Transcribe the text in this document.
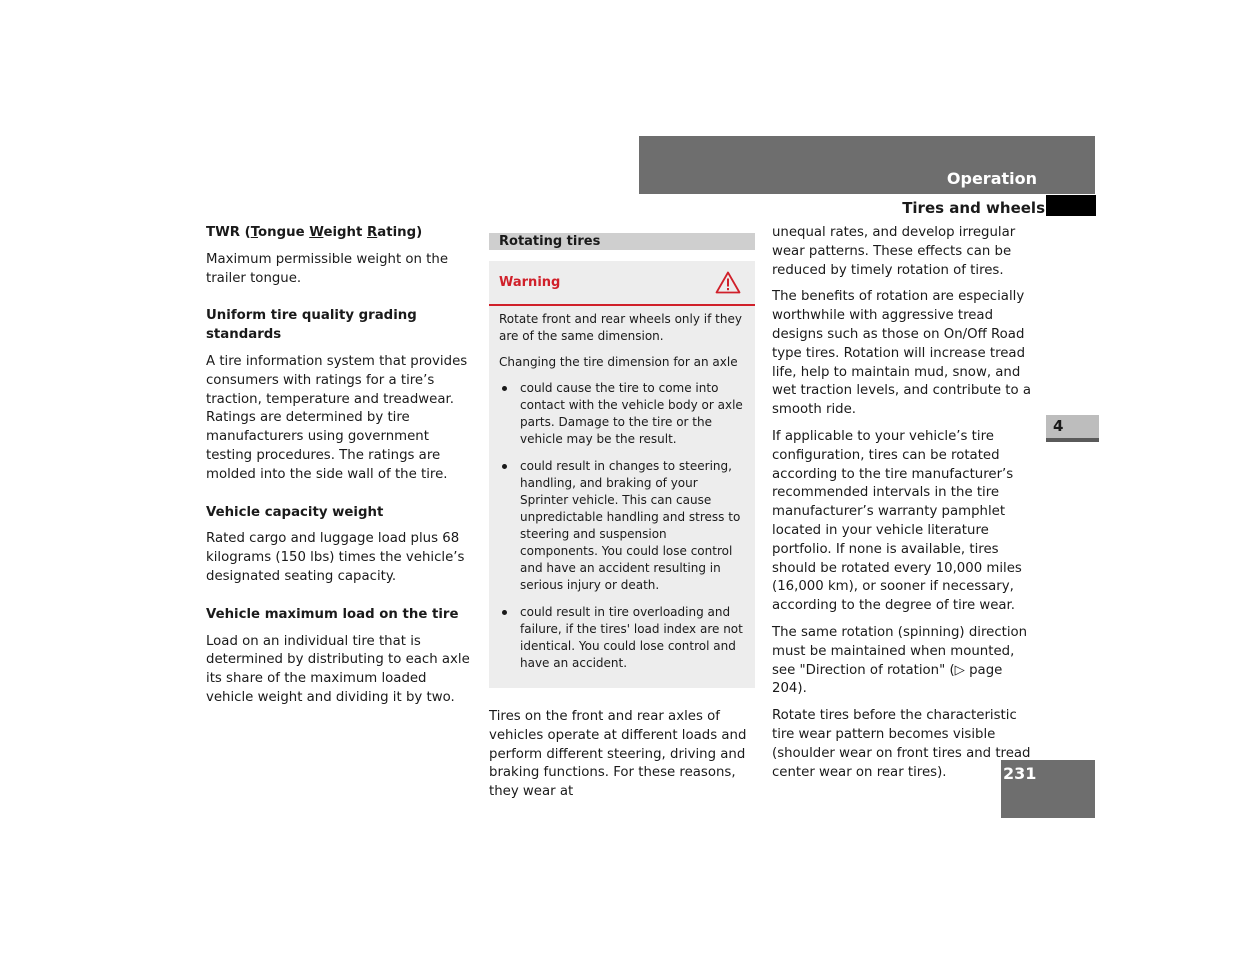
Operation
Tires and wheels
4
231
TWR (Tongue Weight Rating)

Maximum permissible weight on the trailer tongue.

Uniform tire quality grading standards

A tire information system that provides consumers with ratings for a tire’s traction, temperature and treadwear. Ratings are determined by tire manufacturers using government testing procedures. The ratings are molded into the side wall of the tire.

Vehicle capacity weight

Rated cargo and luggage load plus 68 kilograms (150 lbs) times the vehicle’s designated seating capacity.

Vehicle maximum load on the tire

Load on an individual tire that is determined by distributing to each axle its share of the maximum loaded vehicle weight and dividing it by two.

Rotating tires
Warning

Rotate front and rear wheels only if they are of the same dimension.

Changing the tire dimension for an axle

could cause the tire to come into contact with the vehicle body or axle parts. Damage to the tire or the vehicle may be the result.
could result in changes to steering, handling, and braking of your Sprinter vehicle. This can cause unpredictable handling and stress to steering and suspension components. You could lose control and have an accident resulting in serious injury or death.
could result in tire overloading and failure, if the tires' load index are not identical. You could lose control and have an accident.

Tires on the front and rear axles of vehicles operate at different loads and perform different steering, driving and braking functions. For these reasons, they wear at

unequal rates, and develop irregular wear patterns. These effects can be reduced by timely rotation of tires.

The benefits of rotation are especially worthwhile with aggressive tread designs such as those on On/Off Road type tires. Rotation will increase tread life, help to maintain mud, snow, and wet traction levels, and contribute to a smooth ride.

If applicable to your vehicle’s tire configuration, tires can be rotated according to the tire manufacturer’s recommended intervals in the tire manufacturer’s warranty pamphlet located in your vehicle literature portfolio. If none is available, tires should be rotated every 10,000 miles (16,000 km), or sooner if necessary, according to the degree of tire wear.

The same rotation (spinning) direction must be maintained when mounted, see "Direction of rotation" (▷ page 204).

Rotate tires before the characteristic tire wear pattern becomes visible (shoulder wear on front tires and tread center wear on rear tires).
